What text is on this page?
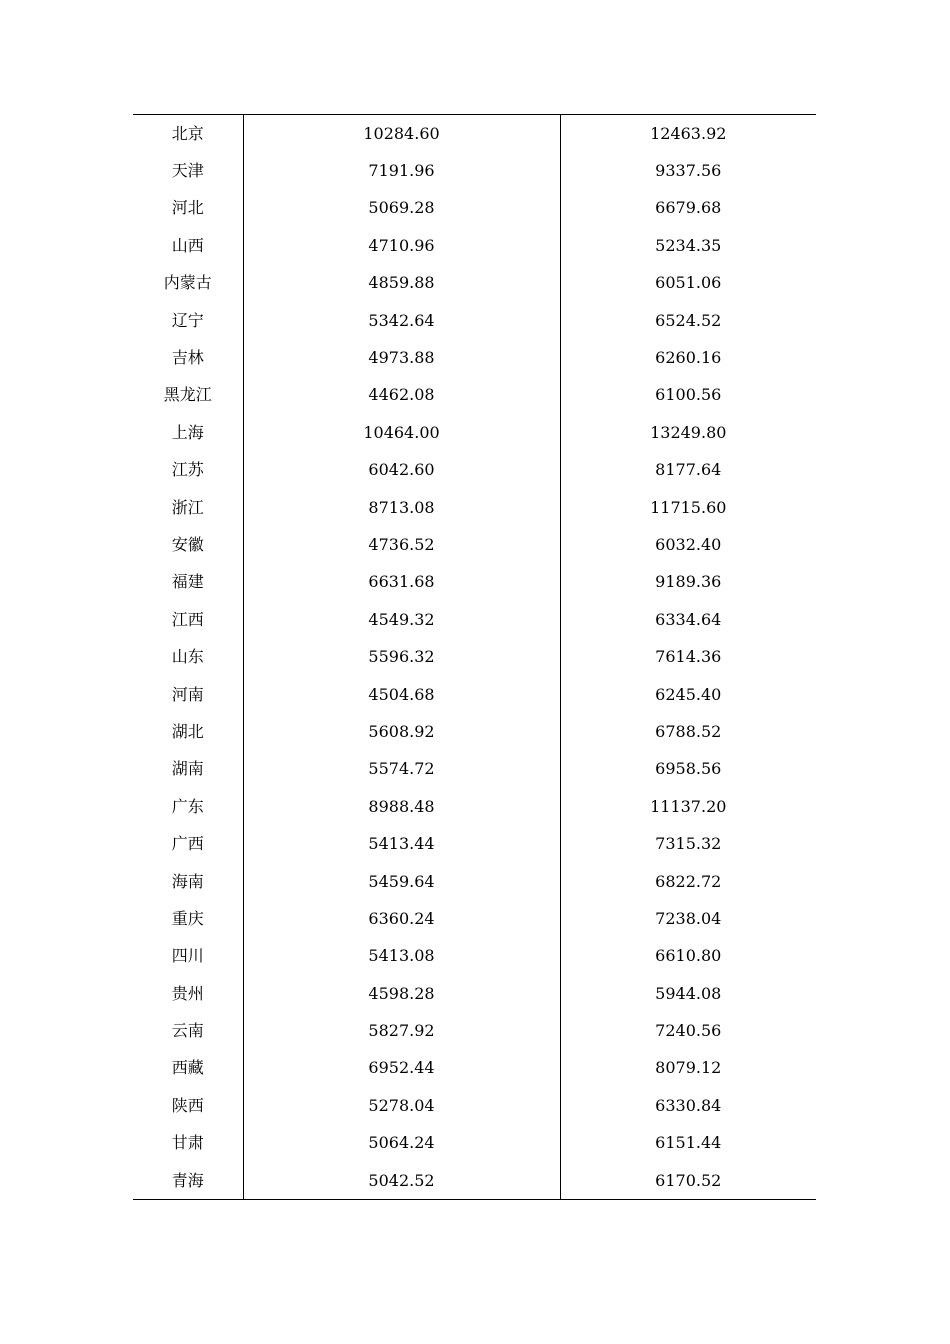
北京	10284.60	12463.92
天津	7191.96	9337.56
河北	5069.28	6679.68
山西	4710.96	5234.35
内蒙古	4859.88	6051.06
辽宁	5342.64	6524.52
吉林	4973.88	6260.16
黑龙江	4462.08	6100.56
上海	10464.00	13249.80
江苏	6042.60	8177.64
浙江	8713.08	11715.60
安徽	4736.52	6032.40
福建	6631.68	9189.36
江西	4549.32	6334.64
山东	5596.32	7614.36
河南	4504.68	6245.40
湖北	5608.92	6788.52
湖南	5574.72	6958.56
广东	8988.48	11137.20
广西	5413.44	7315.32
海南	5459.64	6822.72
重庆	6360.24	7238.04
四川	5413.08	6610.80
贵州	4598.28	5944.08
云南	5827.92	7240.56
西藏	6952.44	8079.12
陕西	5278.04	6330.84
甘肃	5064.24	6151.44
青海	5042.52	6170.52
